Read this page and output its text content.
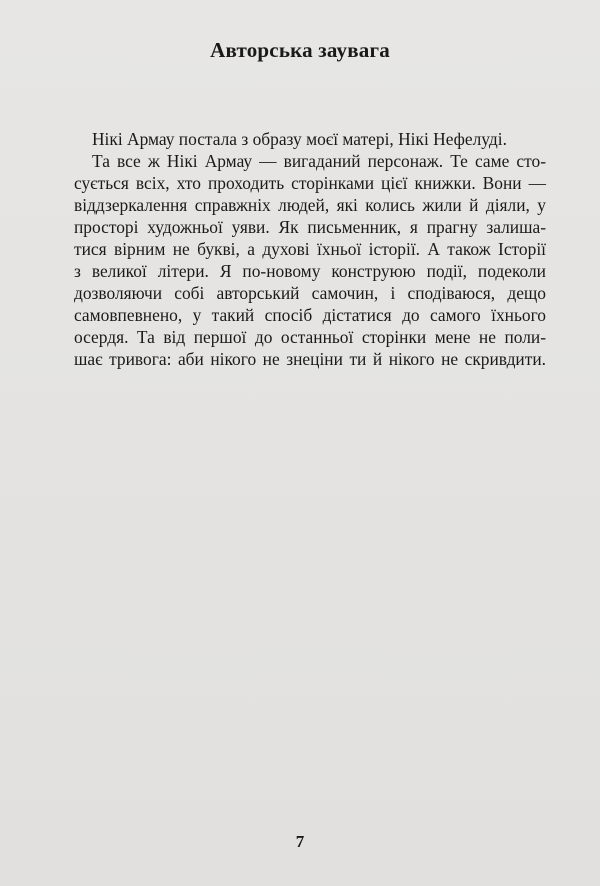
Авторська заувага
Нікі Армау постала з образу моєї матері, Нікі Нефелуді.
Та все ж Нікі Армау — вигаданий персонаж. Те саме сто-
сується всіх, хто проходить сторінками цієї книжки. Вони —
віддзеркалення справжніх людей, які колись жили й діяли, у
просторі художньої уяви. Як письменник, я прагну залиша-
тися вірним не букві, а духові їхньої історії. А також Історії
з великої літери. Я по-новому конструюю події, подеколи
дозволяючи собі авторський самочин, і сподіваюся, дещо
самовпевнено, у такий спосіб дістатися до самого їхнього
осердя. Та від першої до останньої сторінки мене не поли-
шає тривога: аби нікого не знеціни ти й нікого не скривдити.
7
